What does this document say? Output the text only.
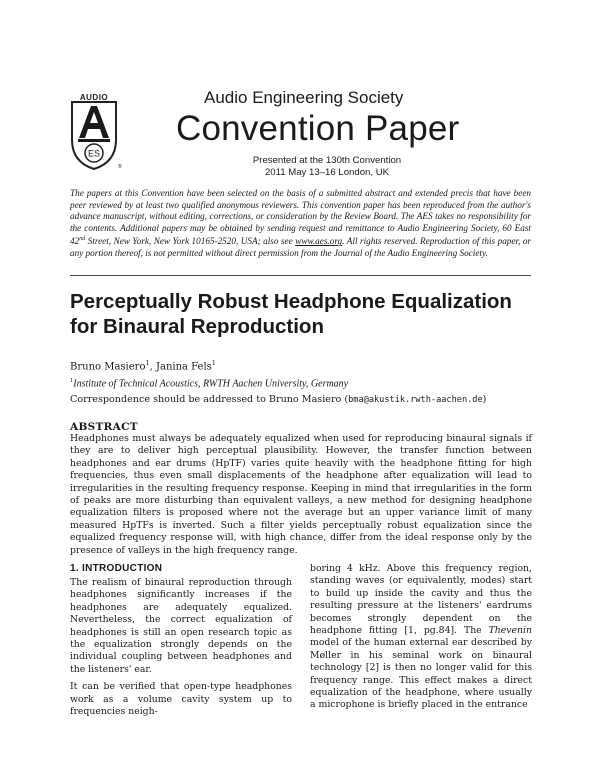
AUDIO
ES
®
Audio Engineering Society
Convention Paper
Presented at the 130th Convention
2011 May 13–16 London, UK
The papers at this Convention have been selected on the basis of a submitted abstract and extended precis that have been peer reviewed by at least two qualified anonymous reviewers. This convention paper has been reproduced from the author's advance manuscript, without editing, corrections, or consideration by the Review Board. The AES takes no responsibility for the contents. Additional papers may be obtained by sending request and remittance to Audio Engineering Society, 60 East 42nd Street, New York, New York 10165-2520, USA; also see www.aes.org. All rights reserved. Reproduction of this paper, or any portion thereof, is not permitted without direct permission from the Journal of the Audio Engineering Society.
Perceptually Robust Headphone Equalization
for Binaural Reproduction
Bruno Masiero$^1$, Janina Fels$^1$
$^1$Institute of Technical Acoustics, RWTH Aachen University, Germany
Correspondence should be addressed to Bruno Masiero (bma@akustik.rwth-aachen.de)
ABSTRACT
Headphones must always be adequately equalized when used for reproducing binaural signals if they are to deliver high perceptual plausibility. However, the transfer function between headphones and ear drums (HpTF) varies quite heavily with the headphone fitting for high frequencies, thus even small displacements of the headphone after equalization will lead to irregularities in the resulting frequency response. Keeping in mind that irregularities in the form of peaks are more disturbing than equivalent valleys, a new method for designing headphone equalization filters is proposed where not the average but an upper variance limit of many measured HpTFs is inverted. Such a filter yields perceptually robust equalization since the equalized frequency response will, with high chance, differ from the ideal response only by the presence of valleys in the high frequency range.
1. INTRODUCTION

The realism of binaural reproduction through headphones significantly increases if the headphones are adequately equalized. Nevertheless, the correct equalization of headphones is still an open research topic as the equalization strongly depends on the individual coupling between headphones and the listeners' ear.

It can be verified that open-type headphones work as a volume cavity system up to frequencies neigh-

boring 4 kHz. Above this frequency region, standing waves (or equivalently, modes) start to build up inside the cavity and thus the resulting pressure at the listeners' eardrums becomes strongly dependent on the headphone fitting [1, pg.84]. The Thevenin model of the human external ear described by Møller in his seminal work on binaural technology [2] is then no longer valid for this frequency range. This effect makes a direct equalization of the headphone, where usually a microphone is briefly placed in the entrance
